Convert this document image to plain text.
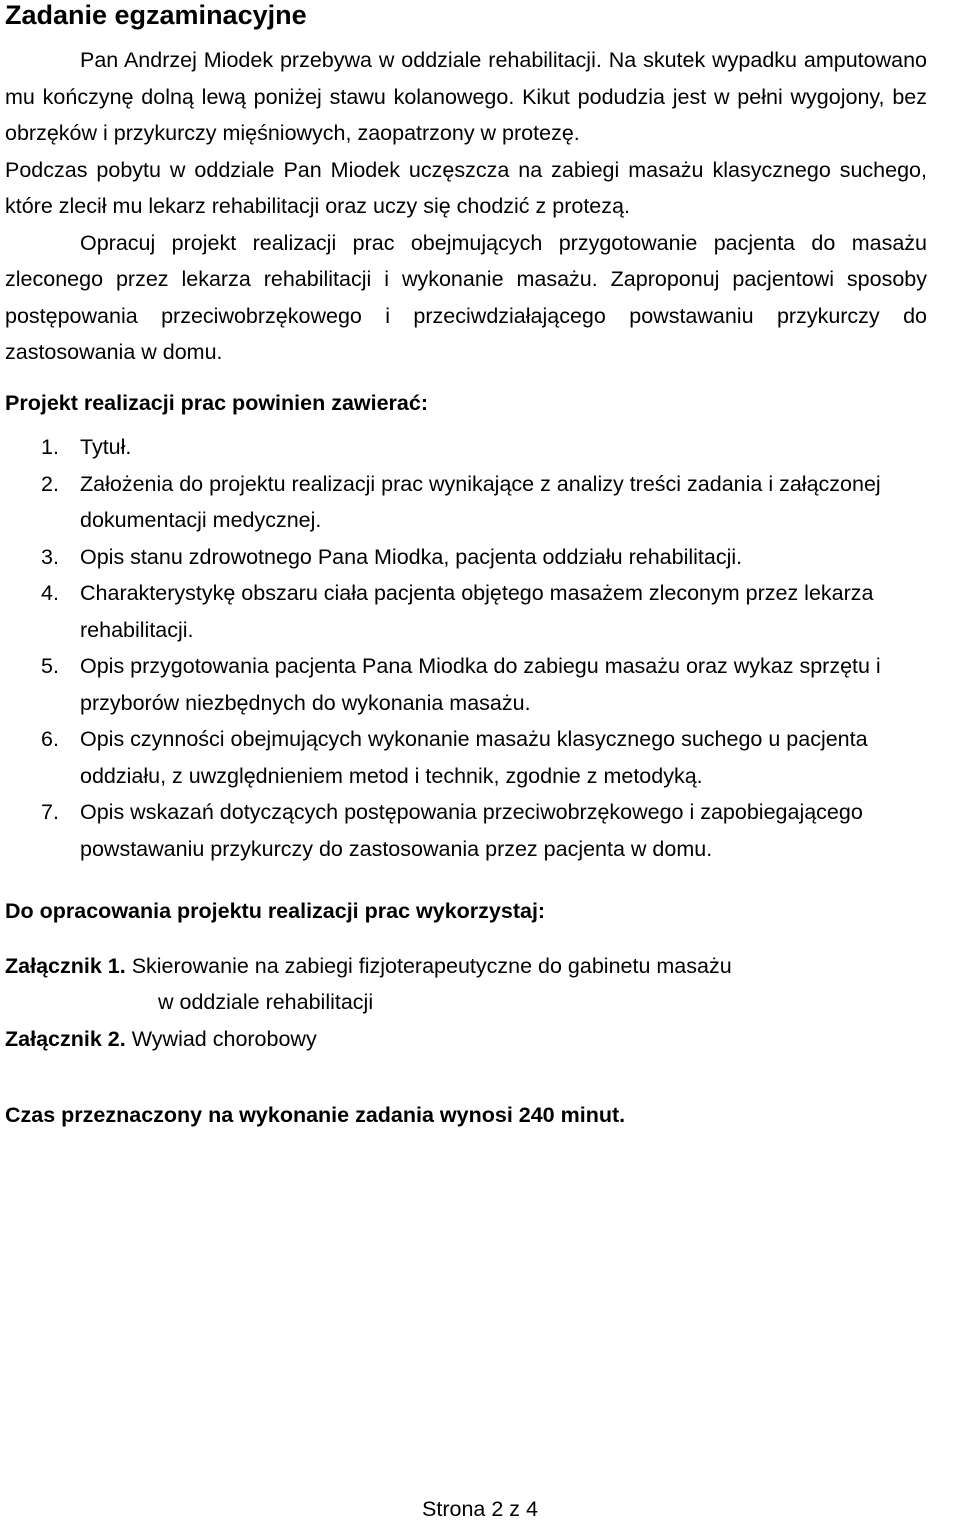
Zadanie egzaminacyjne

Pan Andrzej Miodek przebywa w oddziale rehabilitacji. Na skutek wypadku amputowano mu kończynę dolną lewą poniżej stawu kolanowego. Kikut podudzia jest w pełni wygojony, bez obrzęków i przykurczy mięśniowych, zaopatrzony w protezę.

Podczas pobytu w oddziale Pan Miodek uczęszcza na zabiegi masażu klasycznego suchego, które zlecił mu lekarz rehabilitacji oraz uczy się chodzić z protezą.

Opracuj projekt realizacji prac obejmujących przygotowanie pacjenta do masażu zleconego przez lekarza rehabilitacji i wykonanie masażu. Zaproponuj pacjentowi sposoby postępowania przeciwobrzękowego i przeciwdziałającego powstawaniu przykurczy do zastosowania w domu.

Projekt realizacji prac powinien zawierać:

1. Tytuł.
2. Założenia do projektu realizacji prac wynikające z analizy treści zadania i załączonej dokumentacji medycznej.
3. Opis stanu zdrowotnego Pana Miodka, pacjenta oddziału rehabilitacji.
4. Charakterystykę obszaru ciała pacjenta objętego masażem zleconym przez lekarza rehabilitacji.
5. Opis przygotowania pacjenta Pana Miodka do zabiegu masażu oraz wykaz sprzętu i przyborów niezbędnych do wykonania masażu.
6. Opis czynności obejmujących wykonanie masażu klasycznego suchego u pacjenta oddziału, z uwzględnieniem metod i technik, zgodnie z metodyką.
7. Opis wskazań dotyczących postępowania przeciwobrzękowego i zapobiegającego powstawaniu przykurczy do zastosowania przez pacjenta w domu.

Do opracowania projektu realizacji prac wykorzystaj:

Załącznik 1. Skierowanie na zabiegi fizjoterapeutyczne do gabinetu masażu
w oddziale rehabilitacji

Załącznik 2. Wywiad chorobowy

Czas przeznaczony na wykonanie zadania wynosi 240 minut.

Strona 2 z 4
